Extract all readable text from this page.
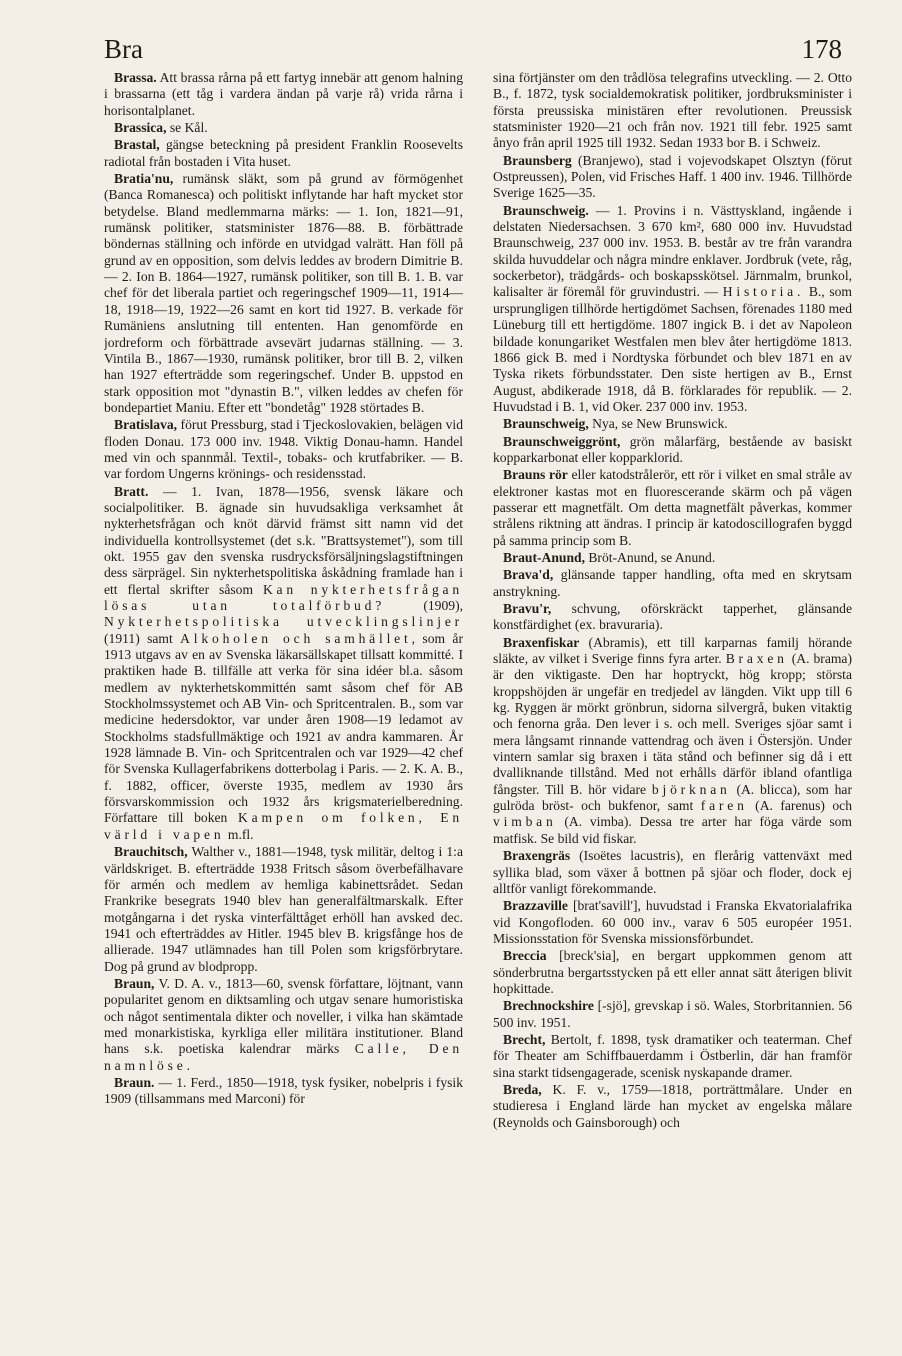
Bra	178

Brassa. Att brassa rårna på ett fartyg innebär att genom halning i brassarna (ett tåg i vardera ändan på varje rå) vrida rårna i horisontalplanet.

Brassica, se Kål.

Brastal, gängse beteckning på president Franklin Roosevelts radiotal från bostaden i Vita huset.

Bratia'nu, rumänsk släkt, som på grund av förmögenhet (Banca Romanesca) och politiskt inflytande har haft mycket stor betydelse. Bland medlemmarna märks: — 1. Ion, 1821—91, rumänsk politiker, statsminister 1876—88. B. förbättrade böndernas ställning och införde en utvidgad valrätt. Han föll på grund av en opposition, som delvis leddes av brodern Dimitrie B. — 2. Ion B. 1864—1927, rumänsk politiker, son till B. 1. B. var chef för det liberala partiet och regeringschef 1909—11, 1914—18, 1918—19, 1922—26 samt en kort tid 1927. B. verkade för Rumäniens anslutning till ententen. Han genomförde en jordreform och förbättrade avsevärt judarnas ställning. — 3. Vintila B., 1867—1930, rumänsk politiker, bror till B. 2, vilken han 1927 efterträdde som regeringschef. Under B. uppstod en stark opposition mot "dynastin B.", vilken leddes av chefen för bondepartiet Maniu. Efter ett "bondetåg" 1928 störtades B.

Bratislava, förut Pressburg, stad i Tjeckoslovakien, belägen vid floden Donau. 173 000 inv. 1948. Viktig Donau-hamn. Handel med vin och spannmål. Textil-, tobaks- och krutfabriker. — B. var fordom Ungerns krönings- och residensstad.

Bratt. — 1. Ivan, 1878—1956, svensk läkare och socialpolitiker. B. ägnade sin huvudsakliga verksamhet åt nykterhetsfrågan och knöt därvid främst sitt namn vid det individuella kontrollsystemet (det s.k. "Brattsystemet"), som till okt. 1955 gav den svenska rusdrycksförsäljningslagstiftningen dess särprägel. Sin nykterhetspolitiska åskådning framlade han i ett flertal skrifter såsom Kan nykterhetsfrågan lösas utan totalförbud? (1909), Nykterhetspolitiska utvecklingslinjer (1911) samt Alkoholen och samhället, som år 1913 utgavs av en av Svenska läkarsällskapet tillsatt kommitté. I praktiken hade B. tillfälle att verka för sina idéer bl.a. såsom medlem av nykterhetskommittén samt såsom chef för AB Stockholmssystemet och AB Vin- och Spritcentralen. B., som var medicine hedersdoktor, var under åren 1908—19 ledamot av Stockholms stadsfullmäktige och 1921 av andra kammaren. År 1928 lämnade B. Vin- och Spritcentralen och var 1929—42 chef för Svenska Kullagerfabrikens dotterbolag i Paris. — 2. K. A. B., f. 1882, officer, överste 1935, medlem av 1930 års försvarskommission och 1932 års krigsmaterielberedning. Författare till boken Kampen om folken, En värld i vapen m.fl.

Brauchitsch, Walther v., 1881—1948, tysk militär, deltog i 1:a världskriget. B. efterträdde 1938 Fritsch såsom överbefälhavare för armén och medlem av hemliga kabinettsrådet. Sedan Frankrike besegrats 1940 blev han generalfältmarskalk. Efter motgångarna i det ryska vinterfälttåget erhöll han avsked dec. 1941 och efterträddes av Hitler. 1945 blev B. krigsfånge hos de allierade. 1947 utlämnades han till Polen som krigsförbrytare. Dog på grund av blodpropp.

Braun, V. D. A. v., 1813—60, svensk författare, löjtnant, vann popularitet genom en diktsamling och utgav senare humoristiska och något sentimentala dikter och noveller, i vilka han skämtade med monarkistiska, kyrkliga eller militära institutioner. Bland hans s.k. poetiska kalendrar märks Calle, Den namnlöse.

Braun. — 1. Ferd., 1850—1918, tysk fysiker, nobelpris i fysik 1909 (tillsammans med Marconi) för

sina förtjänster om den trådlösa telegrafins utveckling. — 2. Otto B., f. 1872, tysk socialdemokratisk politiker, jordbruksminister i första preussiska ministären efter revolutionen. Preussisk statsminister 1920—21 och från nov. 1921 till febr. 1925 samt ånyo från april 1925 till 1932. Sedan 1933 bor B. i Schweiz.

Braunsberg (Branjewo), stad i vojevodskapet Olsztyn (förut Ostpreussen), Polen, vid Frisches Haff. 1 400 inv. 1946. Tillhörde Sverige 1625—35.

Braunschweig. — 1. Provins i n. Västtyskland, ingående i delstaten Niedersachsen. 3 670 km², 680 000 inv. Huvudstad Braunschweig, 237 000 inv. 1953. B. består av tre från varandra skilda huvuddelar och några mindre enklaver. Jordbruk (vete, råg, sockerbetor), trädgårds- och boskapsskötsel. Järnmalm, brunkol, kalisalter är föremål för gruvindustri. — Historia. B., som ursprungligen tillhörde hertigdömet Sachsen, förenades 1180 med Lüneburg till ett hertigdöme. 1807 ingick B. i det av Napoleon bildade konungariket Westfalen men blev åter hertigdöme 1813. 1866 gick B. med i Nordtyska förbundet och blev 1871 en av Tyska rikets förbundsstater. Den siste hertigen av B., Ernst August, abdikerade 1918, då B. förklarades för republik. — 2. Huvudstad i B. 1, vid Oker. 237 000 inv. 1953.

Braunschweig, Nya, se New Brunswick.

Braunschweiggrönt, grön målarfärg, bestående av basiskt kopparkarbonat eller kopparklorid.

Brauns rör eller katodstrålerör, ett rör i vilket en smal stråle av elektroner kastas mot en fluorescerande skärm och på vägen passerar ett magnetfält. Om detta magnetfält påverkas, kommer strålens riktning att ändras. I princip är katodoscillografen byggd på samma princip som B.

Braut-Anund, Bröt-Anund, se Anund.

Brava'd, glänsande tapper handling, ofta med en skrytsam anstrykning.

Bravu'r, schvung, oförskräckt tapperhet, glänsande konstfärdighet (ex. bravuraria).

Braxenfiskar (Abramis), ett till karparnas familj hörande släkte, av vilket i Sverige finns fyra arter. Braxen (A. brama) är den viktigaste. Den har hoptryckt, hög kropp; största kroppshöjden är ungefär en tredjedel av längden. Vikt upp till 6 kg. Ryggen är mörkt grönbrun, sidorna silvergrå, buken vitaktig och fenorna gråa. Den lever i s. och mell. Sveriges sjöar samt i mera långsamt rinnande vattendrag och även i Östersjön. Under vintern samlar sig braxen i täta stånd och befinner sig då i ett dvalliknande tillstånd. Med not erhålls därför ibland ofantliga fångster. Till B. hör vidare björknan (A. blicca), som har gulröda bröst- och bukfenor, samt faren (A. farenus) och vimban (A. vimba). Dessa tre arter har föga värde som matfisk. Se bild vid fiskar.

Braxengräs (Isoëtes lacustris), en flerårig vattenväxt med syllika blad, som växer å bottnen på sjöar och floder, dock ej alltför vanligt förekommande.

Brazzaville [brat'savill'], huvudstad i Franska Ekvatorialafrika vid Kongofloden. 60 000 inv., varav 6 505 européer 1951. Missionsstation för Svenska missionsförbundet.

Breccia [breck'sia], en bergart uppkommen genom att sönderbrutna bergartsstycken på ett eller annat sätt återigen blivit hopkittade.

Brechnockshire [-sjö], grevskap i sö. Wales, Storbritannien. 56 500 inv. 1951.

Brecht, Bertolt, f. 1898, tysk dramatiker och teaterman. Chef för Theater am Schiffbauerdamm i Östberlin, där han framför sina starkt tidsengagerade, scenisk nyskapande dramer.

Breda, K. F. v., 1759—1818, porträttmålare. Under en studieresa i England lärde han mycket av engelska målare (Reynolds och Gainsborough) och
